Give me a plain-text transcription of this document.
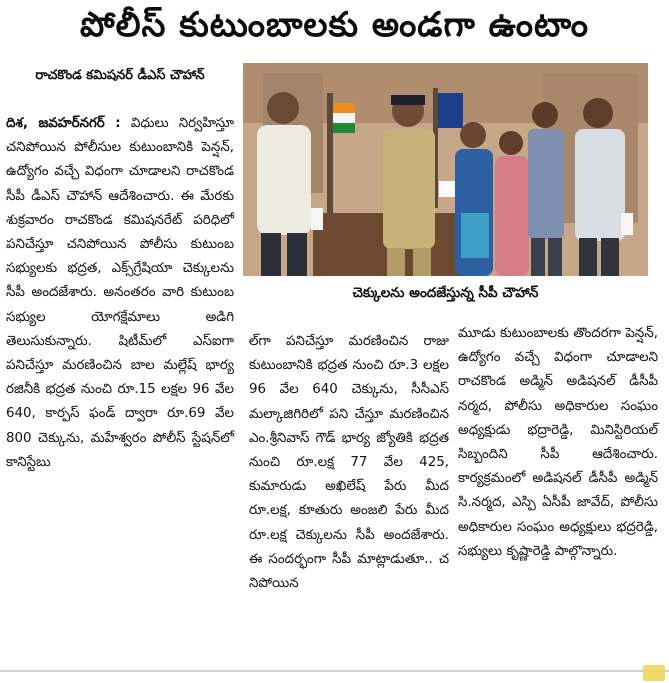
పోలీస్ కుటుంబాలకు అండగా ఉంటాం
రాచకొండ కమిషనర్ డీఎస్ చౌహాన్
చెక్కులను అందజేస్తున్న సీపీ చౌహాన్

దిశ, జవహర్‌నగర్ : విధులు నిర్వహిస్తూ చనిపోయిన పోలీసుల కుటుంబానికి పెన్షన్, ఉద్యోగం వచ్చే విధంగా చూడాలని రాచకొండ సీపీ డీఎస్ చౌహాన్ ఆదేశించారు. ఈ మేరకు శుక్రవారం రాచకొండ కమిషనరేట్ పరిధిలో పనిచేస్తూ చనిపోయిన పోలీసు కుటుంబ సభ్యులకు భద్రత, ఎక్స్‌గ్రేషియా చెక్కులను సీపీ అందజేశారు. అనంతరం వారి కుటుంబ సభ్యుల యోగక్షేమాలు అడిగి తెలుసుకున్నారు. షిటీమ్‌లో ఎస్ఐగా పనిచేస్తూ మరణించిన బాల మల్లేష్ భార్య రజినీకి భద్రత నుంచి రూ.15 లక్షల 96 వేల 640, కార్పస్ ఫండ్ ద్వారా రూ.69 వేల 800 చెక్కును, మహేశ్వరం పోలీస్ స్టేషన్‌లో కానిస్టేబు

ల్‌గా పనిచేస్తూ మరణించిన రాజు కుటుంబానికి భద్రత నుంచి రూ.3 లక్షల 96 వేల 640 చెక్కును, సీసీఎస్ మల్కాజిగిరిలో పని చేస్తూ మరణించిన ఎం.శ్రీనివాస్ గౌడ్ భార్య జ్యోతికి భద్రత నుంచి రూ.లక్ష 77 వేల 425, కుమారుడు అఖిలేష్ పేరు మీద రూ.లక్ష, కూతురు అంజలి పేరు మీద రూ.లక్ష చెక్కులను సీపీ అందజేశారు. ఈ సందర్భంగా సీపీ మాట్లాడుతూ.. చ నిపోయిన

మూడు కుటుంబాలకు తొందరగా పెన్షన్, ఉద్యోగం వచ్చే విధంగా చూడాలని రాచకొండ అడ్మిన్ అడిషనల్ డీసీపీ నర్మద, పోలీసు అధికారుల సంఘం అధ్యక్షుడు భద్రారెడ్డి, మినిస్టిరియల్ సిబ్బందిని సీపీ ఆదేశించారు. కార్యక్రమంలో అడిషనల్ డీసీపీ అడ్మిన్ సి.నర్మద, ఎస్పి ఏసీపీ జావేద్, పోలీసు అధికారుల సంఘం అధ్యక్షులు భద్రరెడ్డి, సభ్యులు కృష్ణారెడ్డి పాల్గొన్నారు.
